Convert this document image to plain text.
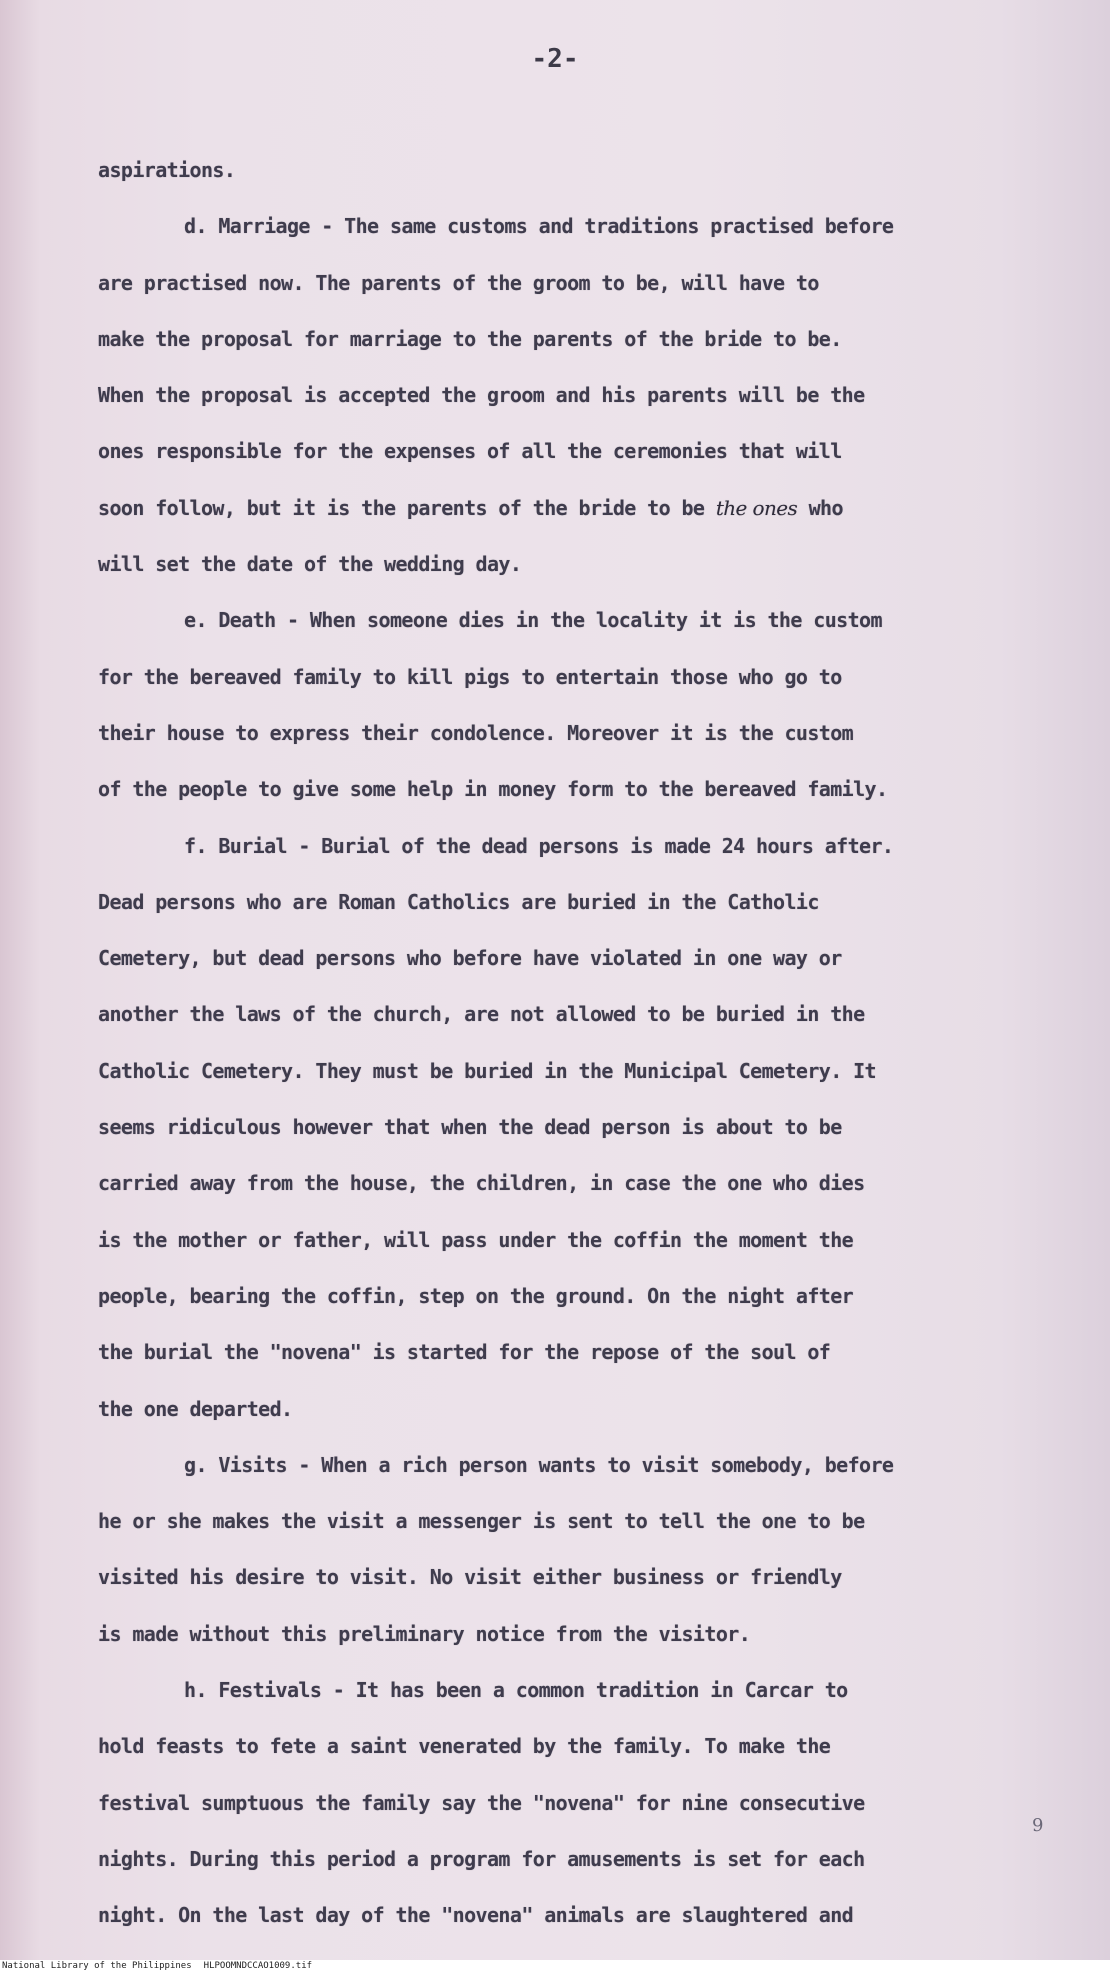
-2-
aspirations.
d. Marriage - The same customs and traditions practised before
are practised now. The parents of the groom to be, will have to
make the proposal for marriage to the parents of the bride to be.
When the proposal is accepted the groom and his parents will be the
ones responsible for the expenses of all the ceremonies that will
soon follow, but it is the parents of the bride to be the ones who
will set the date of the wedding day.
e. Death - When someone dies in the locality it is the custom
for the bereaved family to kill pigs to entertain those who go to
their house to express their condolence. Moreover it is the custom
of the people to give some help in money form to the bereaved family.
f. Burial - Burial of the dead persons is made 24 hours after.
Dead persons who are Roman Catholics are buried in the Catholic
Cemetery, but dead persons who before have violated in one way or
another the laws of the church, are not allowed to be buried in the
Catholic Cemetery. They must be buried in the Municipal Cemetery. It
seems ridiculous however that when the dead person is about to be
carried away from the house, the children, in case the one who dies
is the mother or father, will pass under the coffin the moment the
people, bearing the coffin, step on the ground. On the night after
the burial the "novena" is started for the repose of the soul of
the one departed.
g. Visits - When a rich person wants to visit somebody, before
he or she makes the visit a messenger is sent to tell the one to be
visited his desire to visit. No visit either business or friendly
is made without this preliminary notice from the visitor.
h. Festivals - It has been a common tradition in Carcar to
hold feasts to fete a saint venerated by the family. To make the
festival sumptuous the family say the "novena" for nine consecutive
nights. During this period a program for amusements is set for each
night. On the last day of the "novena" animals are slaughtered and
9
National Library of the Philippines HLPOOMNDCCAO1009.tif
